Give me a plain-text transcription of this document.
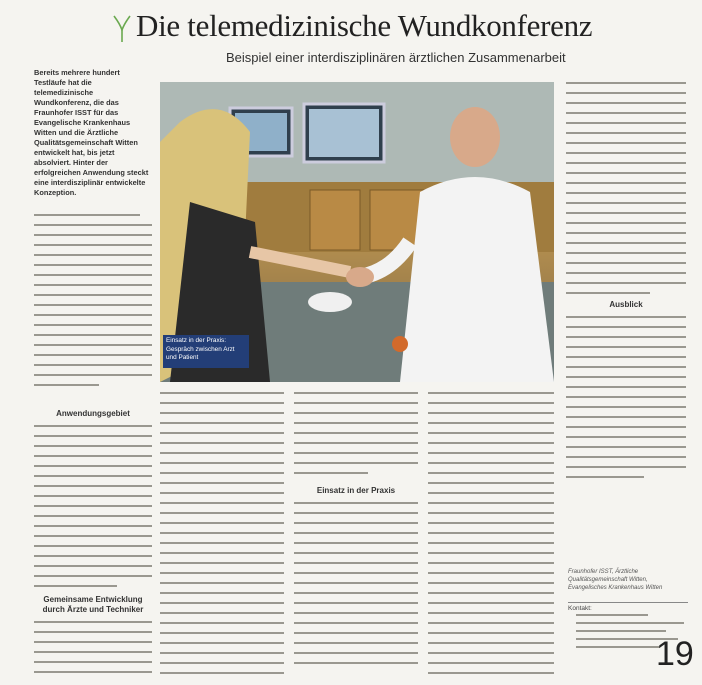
Die telemedizinische Wundkonferenz

Beispiel einer interdisziplinären ärztlichen Zusammenarbeit

Bereits mehrere hundert Testläufe hat die telemedizinische Wundkonferenz, die das Fraunhofer ISST für das Evangelische Krankenhaus Witten und die Ärztliche Qualitätsgemeinschaft Witten entwickelt hat, bis jetzt absolviert. Hinter der erfolgreichen Anwendung steckt eine interdisziplinär entwickelte Konzeption.

Anwendungsgebiet
Gemeinsame Entwicklung durch Ärzte und Techniker

Einsatz in der Praxis: Gespräch zwischen Arzt und Patient

Einsatz in der Praxis
Ausblick

Fraunhofer ISST, Ärztliche Qualitätsgemeinschaft Witten, Evangelisches Krankenhaus Witten

Kontakt:

19
